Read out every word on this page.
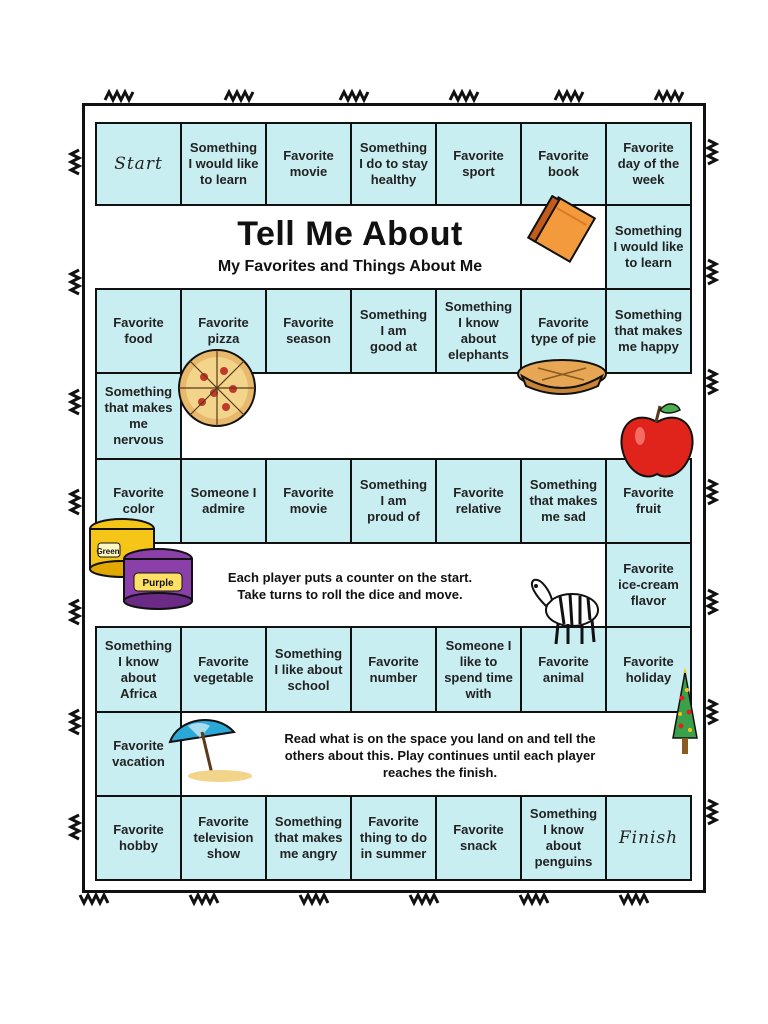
Start
Something
I would like
to learn
Favorite
movie
Something
I do to stay
healthy
Favorite
sport
Favorite
book
Favorite
day of the
week
Something
I would like
to learn
Tell Me About
My Favorites and Things About Me
Favorite
food
Favorite
pizza
Favorite
season
Something
I am
good at
Something
I know
about
elephants
Favorite
type of pie
Something
that makes
me happy
Something
that makes
me
nervous
Favorite
color
Someone I
admire
Favorite
movie
Something
I am
proud of
Favorite
relative
Something
that makes
me sad
Favorite
fruit
Favorite
ice-cream
flavor
Each player puts a counter on the start.
Take turns to roll the dice and move.
Something
I know
about
Africa
Favorite
vegetable
Something
I like about
school
Favorite
number
Someone I
like to
spend time
with
Favorite
animal
Favorite
holiday
Favorite
vacation
Read what is on the space you land on and tell the
others about this. Play continues until each player
reaches the finish.
Favorite
hobby
Favorite
television
show
Something
that makes
me angry
Favorite
thing to do
in summer
Favorite
snack
Something
I know
about
penguins
Finish
Green
Purple
